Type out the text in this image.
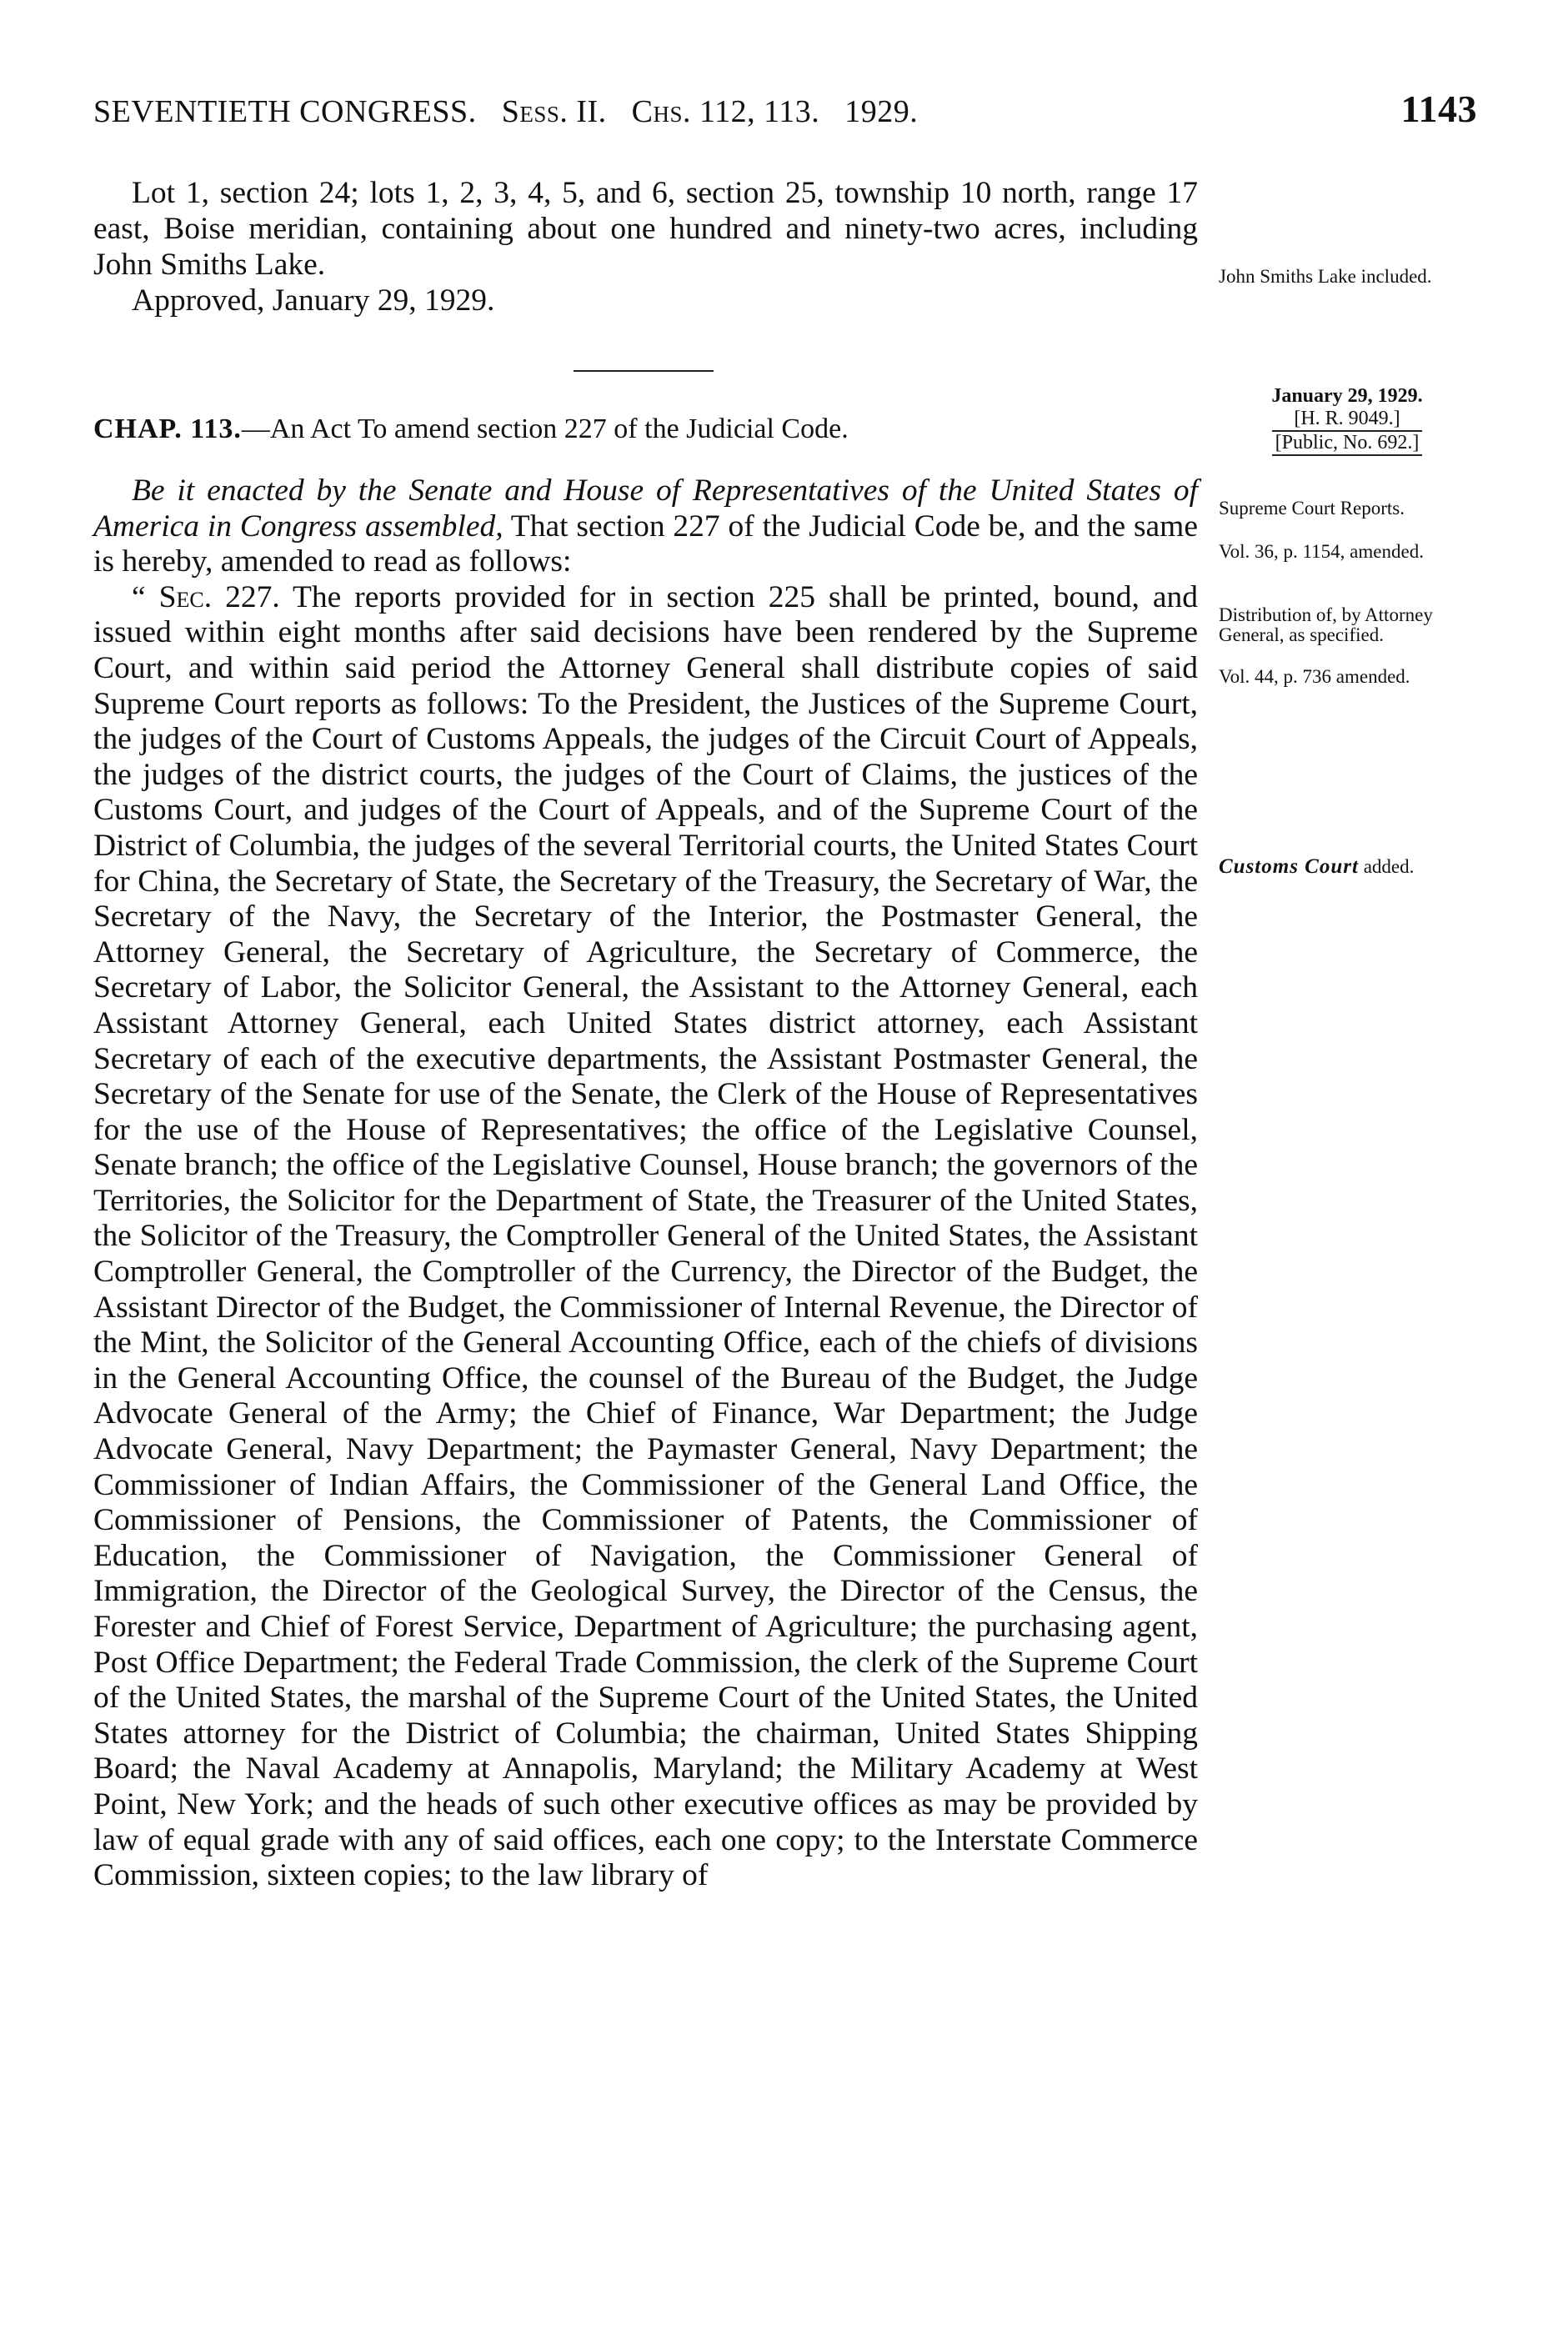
SEVENTIETH CONGRESS. Sess. II. Chs. 112, 113. 1929.	1143

Lot 1, section 24; lots 1, 2, 3, 4, 5, and 6, section 25, township 10 north, range 17 east, Boise meridian, containing about one hundred and ninety-two acres, including John Smiths Lake.

Approved, January 29, 1929.

CHAP. 113.—An Act To amend section 227 of the Judicial Code.

Be it enacted by the Senate and House of Representatives of the United States of America in Congress assembled, That section 227 of the Judicial Code be, and the same is hereby, amended to read as follows:

“ Sec. 227. The reports provided for in section 225 shall be printed, bound, and issued within eight months after said decisions have been rendered by the Supreme Court, and within said period the Attorney General shall distribute copies of said Supreme Court reports as follows: To the President, the Justices of the Supreme Court, the judges of the Court of Customs Appeals, the judges of the Circuit Court of Appeals, the judges of the district courts, the judges of the Court of Claims, the justices of the Customs Court, and judges of the Court of Appeals, and of the Supreme Court of the District of Columbia, the judges of the several Territorial courts, the United States Court for China, the Secretary of State, the Secretary of the Treasury, the Secretary of War, the Secretary of the Navy, the Secretary of the Interior, the Postmaster General, the Attorney General, the Secretary of Agriculture, the Secretary of Commerce, the Secretary of Labor, the Solicitor General, the Assistant to the Attorney General, each Assistant Attorney General, each United States district attorney, each Assistant Secretary of each of the executive departments, the Assistant Postmaster General, the Secretary of the Senate for use of the Senate, the Clerk of the House of Representatives for the use of the House of Representatives; the office of the Legislative Counsel, Senate branch; the office of the Legislative Counsel, House branch; the governors of the Territories, the Solicitor for the Department of State, the Treasurer of the United States, the Solicitor of the Treasury, the Comptroller General of the United States, the Assistant Comptroller General, the Comptroller of the Currency, the Director of the Budget, the Assistant Director of the Budget, the Commissioner of Internal Revenue, the Director of the Mint, the Solicitor of the General Accounting Office, each of the chiefs of divisions in the General Accounting Office, the counsel of the Bureau of the Budget, the Judge Advocate General of the Army; the Chief of Finance, War Department; the Judge Advocate General, Navy Department; the Paymaster General, Navy Department; the Commissioner of Indian Affairs, the Commissioner of the General Land Office, the Commissioner of Pensions, the Commissioner of Patents, the Commissioner of Education, the Commissioner of Navigation, the Commissioner General of Immigration, the Director of the Geological Survey, the Director of the Census, the Forester and Chief of Forest Service, Department of Agriculture; the purchasing agent, Post Office Department; the Federal Trade Commission, the clerk of the Supreme Court of the United States, the marshal of the Supreme Court of the United States, the United States attorney for the District of Columbia; the chairman, United States Shipping Board; the Naval Academy at Annapolis, Maryland; the Military Academy at West Point, New York; and the heads of such other executive offices as may be provided by law of equal grade with any of said offices, each one copy; to the Interstate Commerce Commission, sixteen copies; to the law library of

John Smiths Lake included.
January 29, 1929.
[H. R. 9049.]
[Public, No. 692.]
Supreme Court Reports.
Vol. 36, p. 1154, amended.
Distribution of, by Attorney General, as specified.
Vol. 44, p. 736 amended.
Customs Court added.
